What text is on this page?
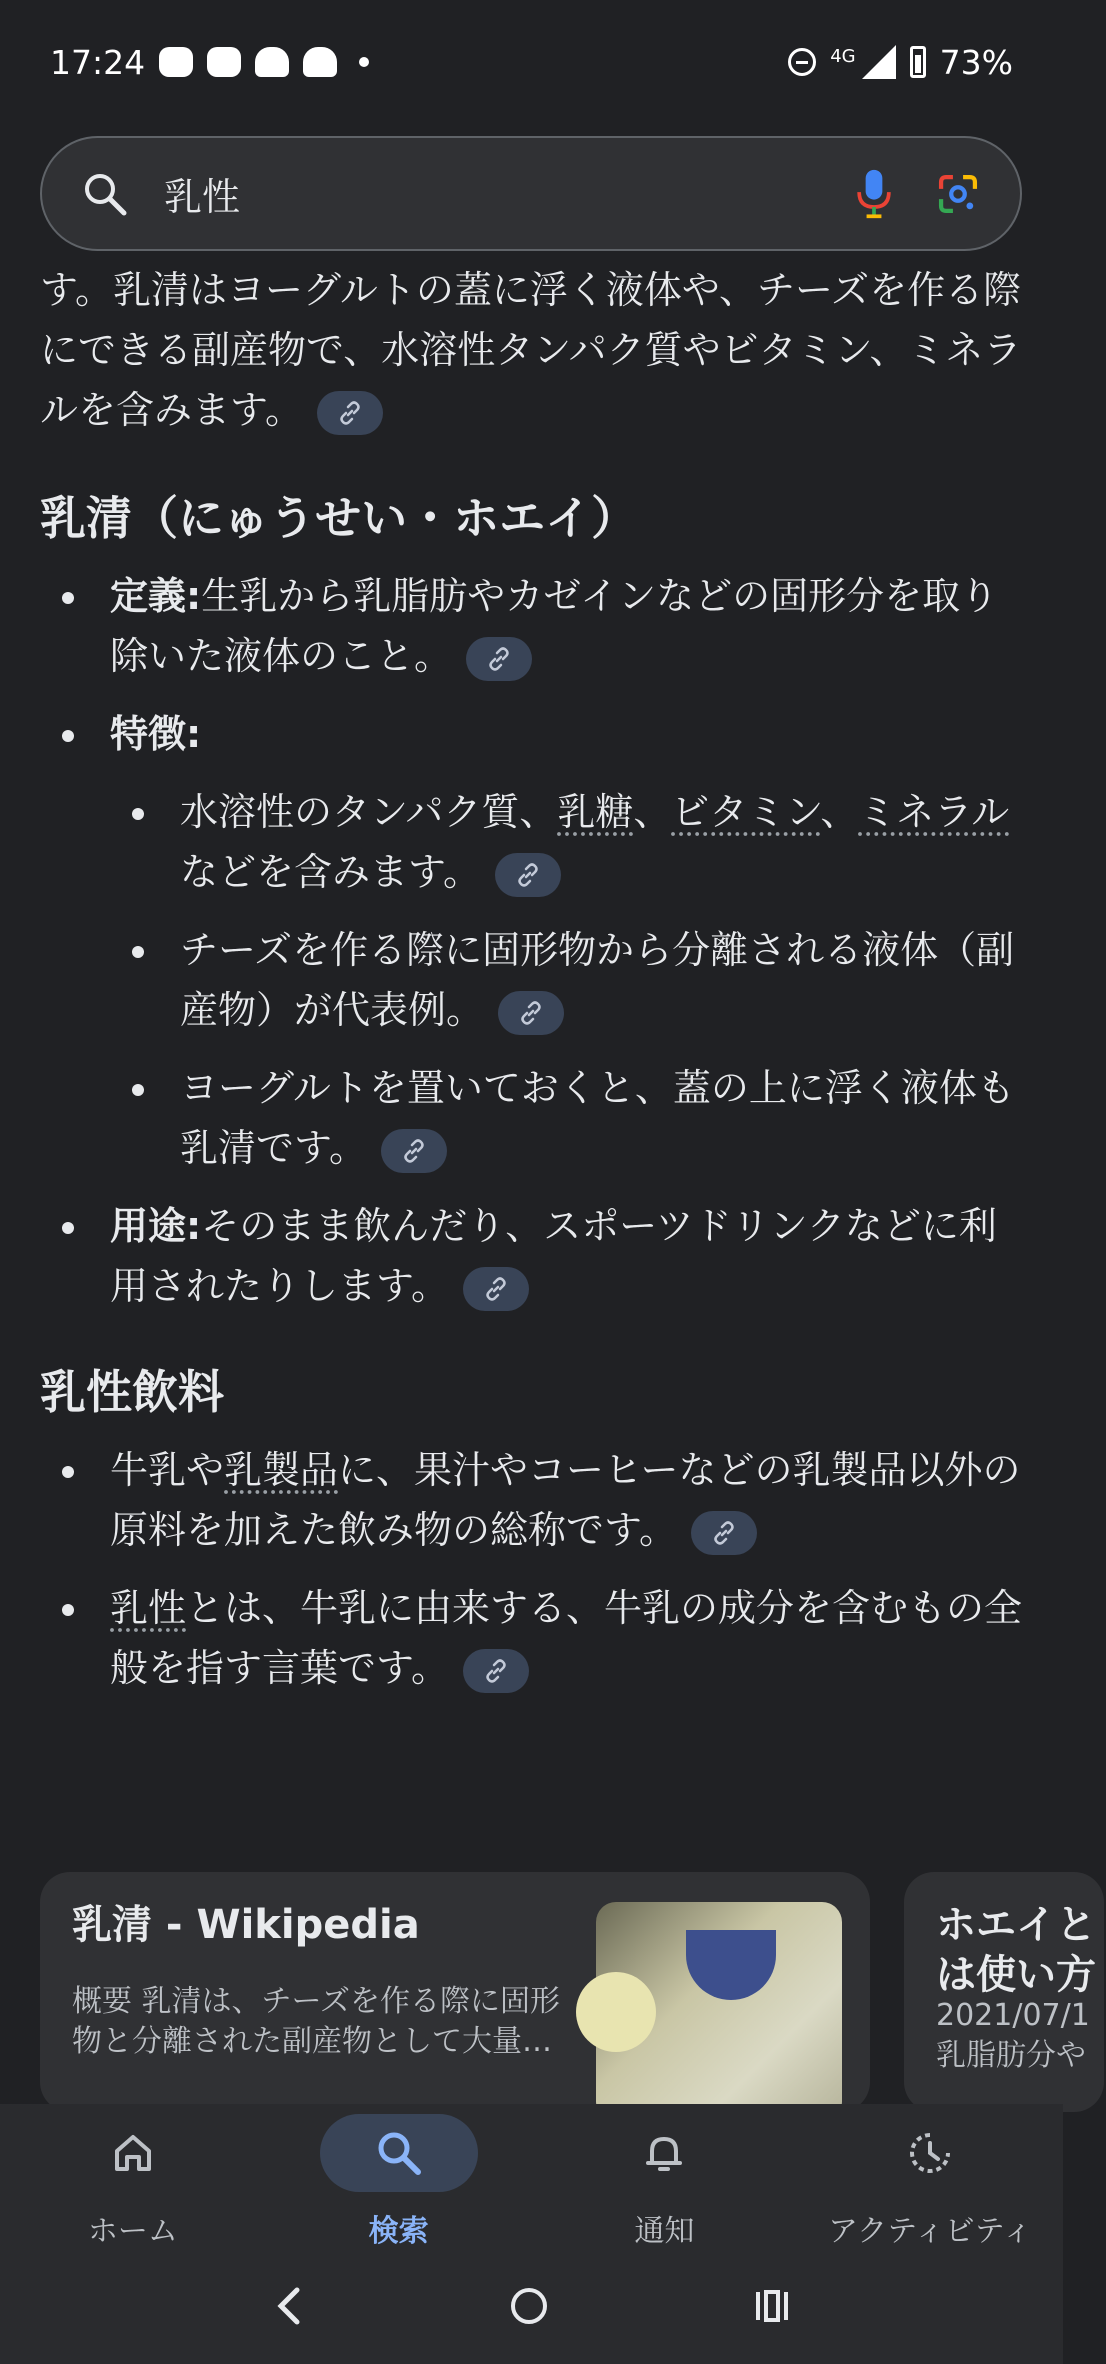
17:24	4G	73%
乳性

す。乳清はヨーグルトの蓋に浮く液体や、チーズを作る際にできる副産物で、水溶性タンパク質やビタミン、ミネラルを含みます。

乳清（にゅうせい・ホエイ）
定義:生乳から乳脂肪やカゼインなどの固形分を取り除いた液体のこと。
特徴:
水溶性のタンパク質、乳糖、ビタミン、ミネラルなどを含みます。
チーズを作る際に固形物から分離される液体（副産物）が代表例。
ヨーグルトを置いておくと、蓋の上に浮く液体も乳清です。
用途:そのまま飲んだり、スポーツドリンクなどに利用されたりします。
乳性飲料
牛乳や乳製品に、果汁やコーヒーなどの乳製品以外の原料を加えた飲み物の総称です。
乳性とは、牛乳に由来する、牛乳の成分を含むもの全般を指す言葉です。
乳清 - Wikipedia
概要 乳清は、チーズを作る際に固形物と分離された副産物として大量…
ホエイとは使い方
2021/07/1 乳脂肪分や
ホーム	検索	通知	アクティビティ
